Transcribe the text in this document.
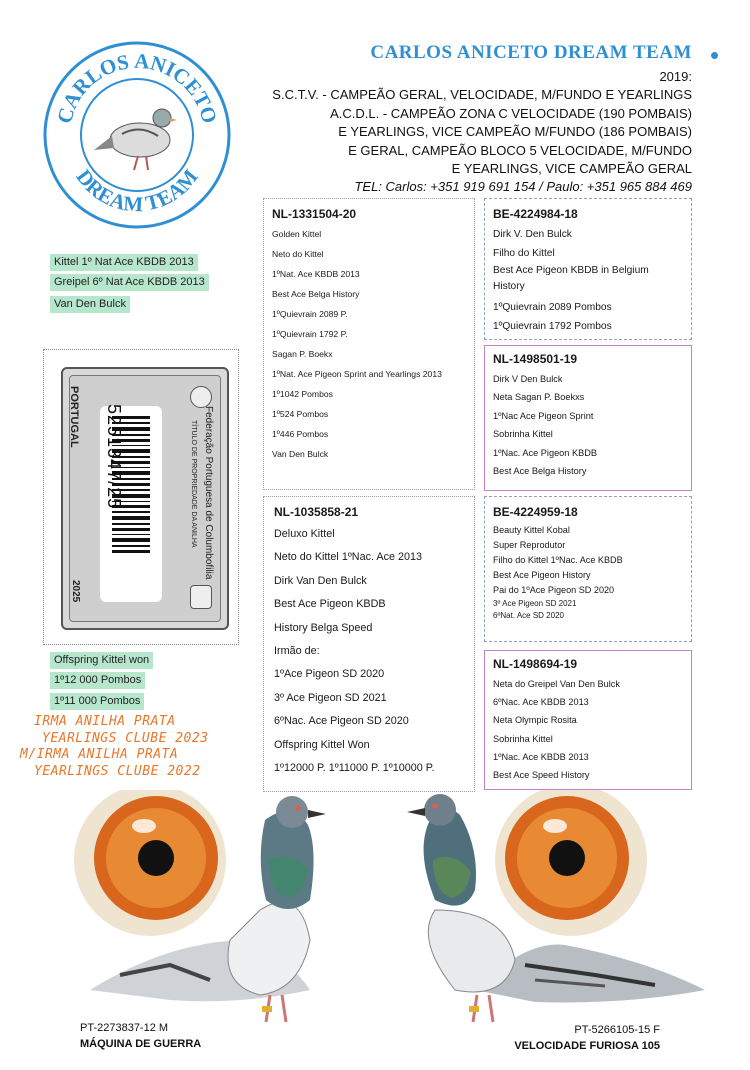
CARLOS ANICETO
DREAM TEAM
CARLOS ANICETO DREAM TEAM
2019:
S.C.T.V. - CAMPEÃO GERAL, VELOCIDADE, M/FUNDO E YEARLINGS
A.C.D.L. - CAMPEÃO ZONA C VELOCIDADE (190 POMBAIS)
E YEARLINGS, VICE CAMPEÃO M/FUNDO (186 POMBAIS)
E GERAL, CAMPEÃO BLOCO 5 VELOCIDADE, M/FUNDO
E YEARLINGS, VICE CAMPEÃO GERAL
TEL: Carlos: +351 919 691 154 / Paulo: +351 965 884 469
Kittel 1º Nat Ace KBDB 2013
Greipel 6º Nat Ace KBDB 2013
Van Den Bulck
PORTUGAL	Federação Portuguesa de Columbofilia
TÍTULO DE PROPRIEDADE DA ANILHA
5251347/25
2025
Offspring Kittel won
1º12 000 Pombos
1º11 000 Pombos
IRMA ANILHA PRATA
YEARLINGS CLUBE 2023
M/IRMA ANILHA PRATA
YEARLINGS CLUBE 2022
NL-1331504-20
Golden Kittel
Neto do Kittel
1ºNat. Ace KBDB 2013
Best Ace Belga History
1ºQuievrain 2089 P.
1ºQuievrain 1792 P.
Sagan P. Boekx
1ºNat. Ace Pigeon Sprint and Yearlings 2013
1º1042 Pombos
1º524 Pombos
1º446 Pombos
Van Den Bulck
BE-4224984-18
Dirk V. Den Bulck
Filho do Kittel
Best Ace Pigeon KBDB in Belgium History
1ºQuievrain 2089 Pombos
1ºQuievrain 1792 Pombos
NL-1498501-19
Dirk V Den Bulck
Neta Sagan P. Boekxs
1ºNac Ace Pigeon Sprint
Sobrinha Kittel
1ºNac. Ace Pigeon KBDB
Best Ace Belga History
NL-1035858-21
Deluxo Kittel
Neto do Kittel 1ºNac. Ace 2013
Dirk Van Den Bulck
Best Ace Pigeon KBDB
History Belga Speed
Irmão de:
1ºAce Pigeon SD 2020
3º Ace Pigeon SD 2021
6ºNac. Ace Pigeon SD 2020
Offspring Kittel Won
1º12000 P. 1º11000 P. 1º10000 P.
BE-4224959-18
Beauty Kittel Kobal
Super Reprodutor
Filho do Kittel 1ºNac. Ace KBDB
Best Ace Pigeon History
Pai do 1ºAce Pigeon SD 2020
3º Ace Pigeon SD 2021
6ºNat. Ace SD 2020
NL-1498694-19
Neta do Greipel Van Den Bulck
6ºNac. Ace KBDB 2013
Neta Olympic Rosita
Sobrinha Kittel
1ºNac. Ace KBDB 2013
Best Ace Speed History
PT-2273837-12 M
MÁQUINA DE GUERRA
PT-5266105-15 F
VELOCIDADE FURIOSA 105
